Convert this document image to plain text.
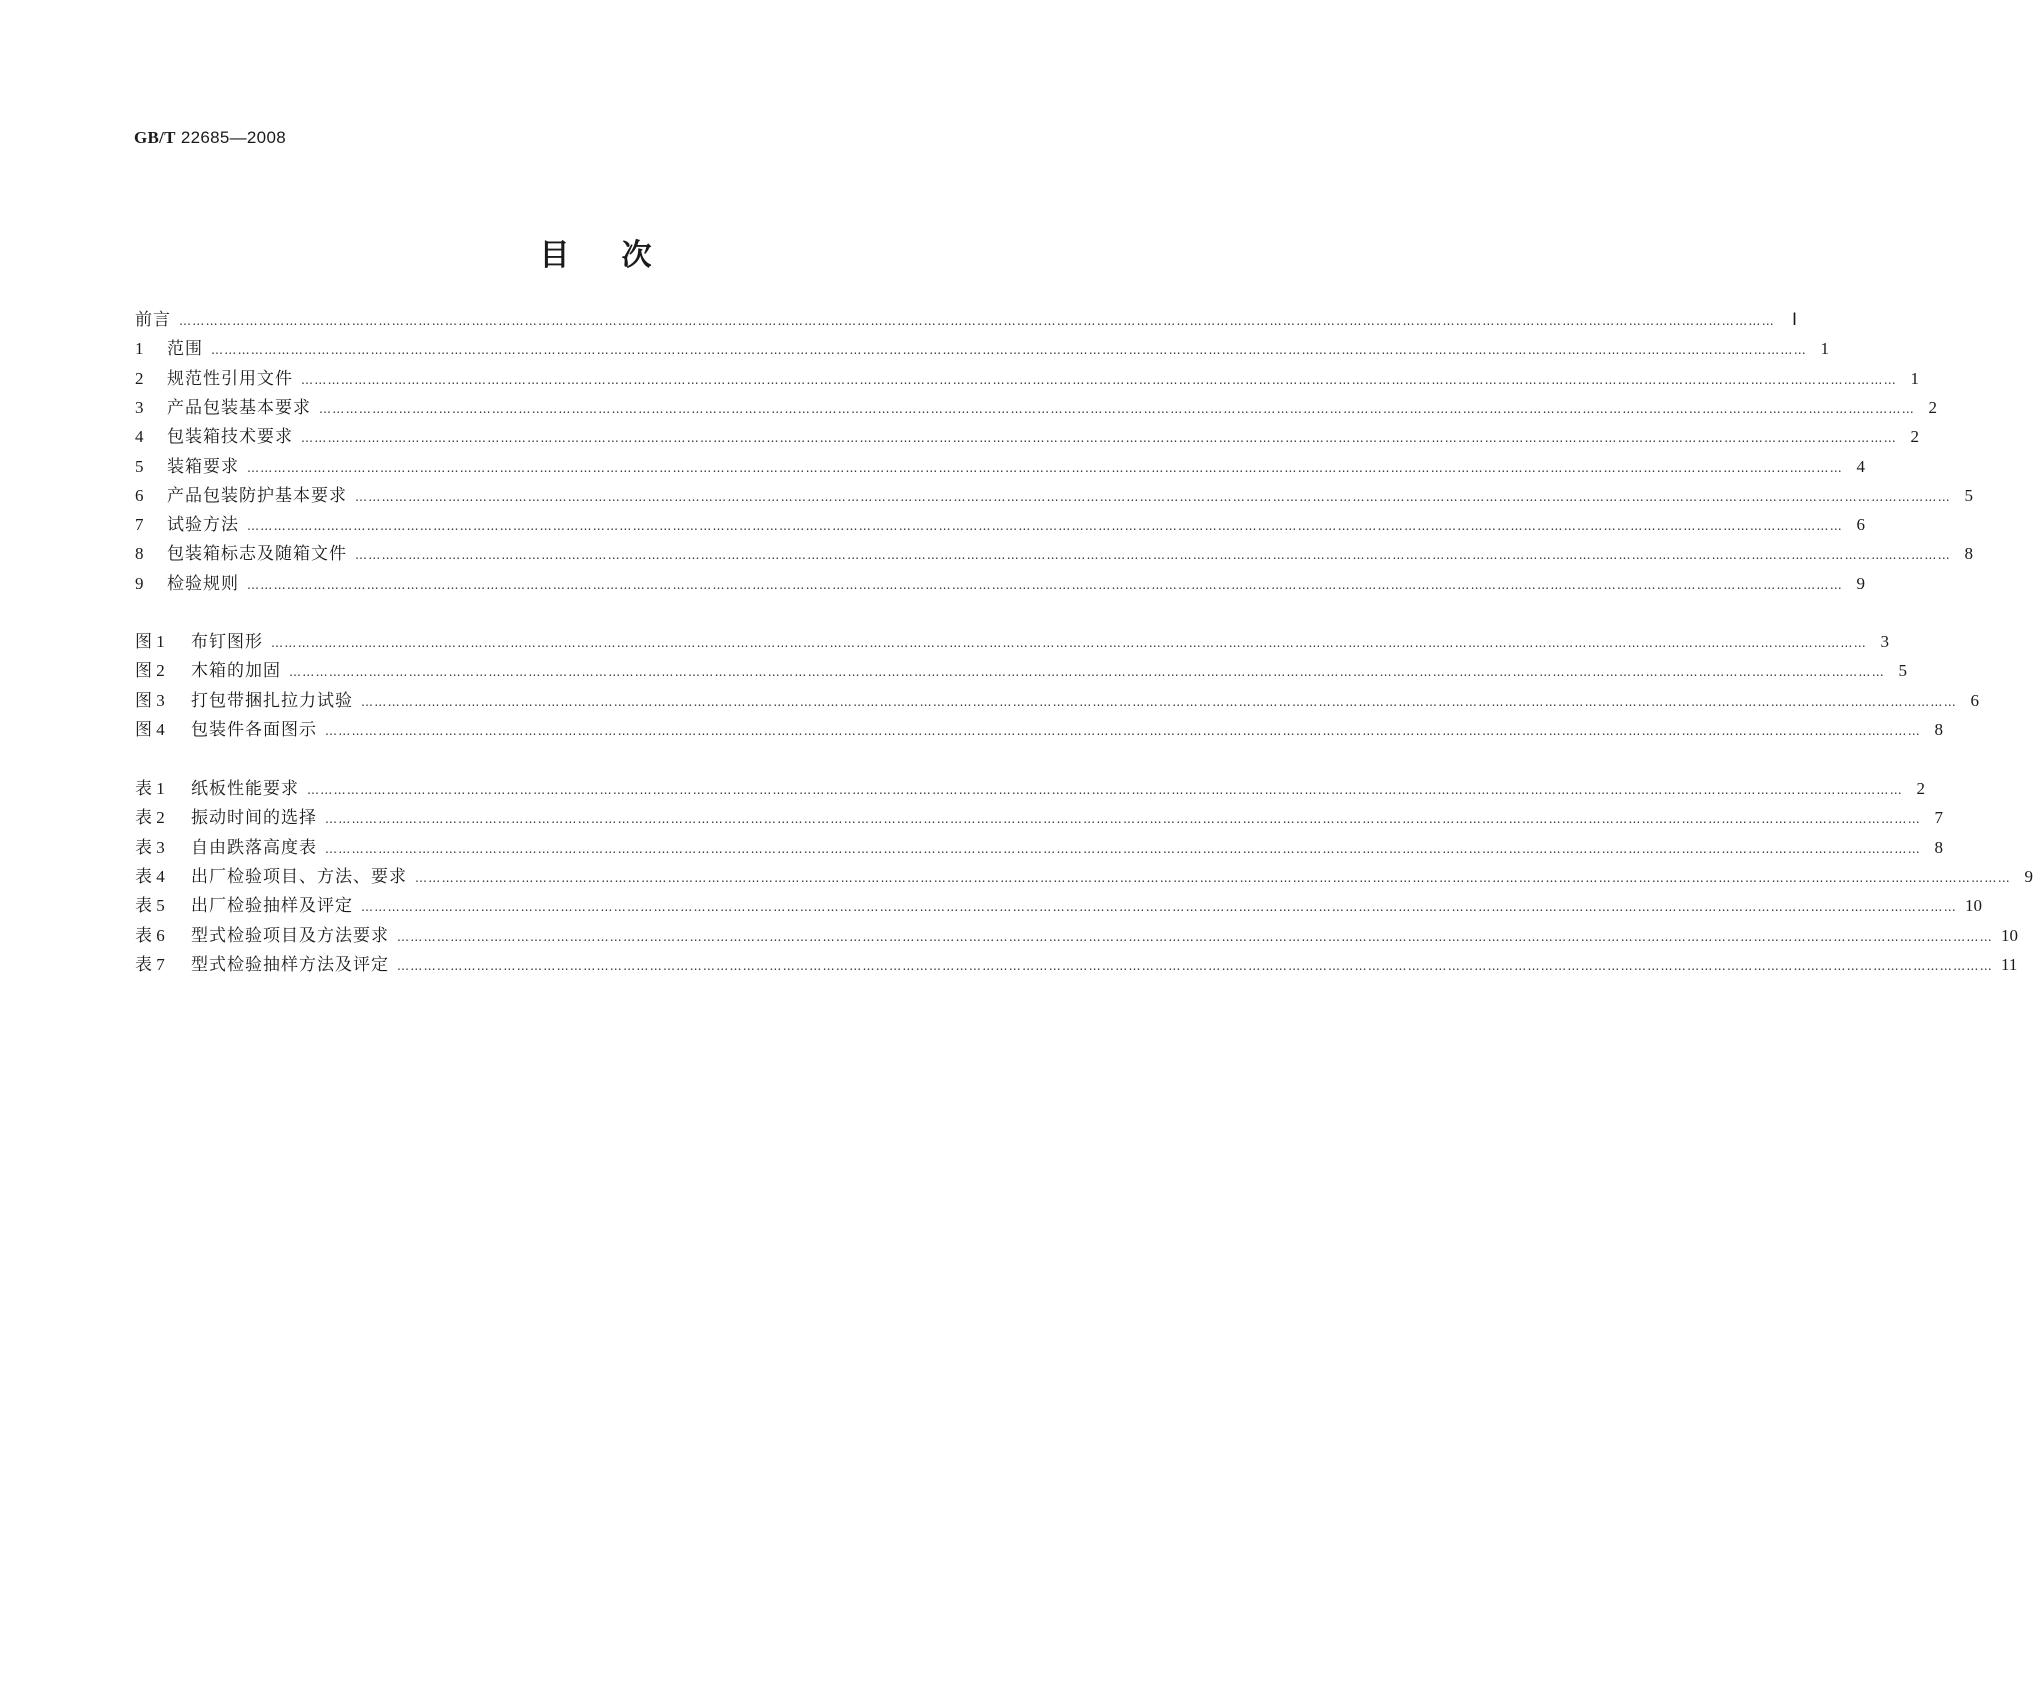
GB/T 22685—2008
目次
前言 ……………………………………………………………………………………………………………………………………………………………………………………………………………………………………………………………………………………………………………………………… Ⅰ
1	范围 ……………………………………………………………………………………………………………………………………………………………………………………………………………………………………………………………………………………………………………………………… 1
2	规范性引用文件 ……………………………………………………………………………………………………………………………………………………………………………………………………………………………………………………………………………………………………………………………… 1
3	产品包装基本要求 ……………………………………………………………………………………………………………………………………………………………………………………………………………………………………………………………………………………………………………………………… 2
4	包装箱技术要求 ……………………………………………………………………………………………………………………………………………………………………………………………………………………………………………………………………………………………………………………………… 2
5	装箱要求 ……………………………………………………………………………………………………………………………………………………………………………………………………………………………………………………………………………………………………………………………… 4
6	产品包装防护基本要求 ……………………………………………………………………………………………………………………………………………………………………………………………………………………………………………………………………………………………………………………………… 5
7	试验方法 ……………………………………………………………………………………………………………………………………………………………………………………………………………………………………………………………………………………………………………………………… 6
8	包装箱标志及随箱文件 ……………………………………………………………………………………………………………………………………………………………………………………………………………………………………………………………………………………………………………………………… 8
9	检验规则 ……………………………………………………………………………………………………………………………………………………………………………………………………………………………………………………………………………………………………………………………… 9
图 1	布钉图形 ……………………………………………………………………………………………………………………………………………………………………………………………………………………………………………………………………………………………………………………………… 3
图 2	木箱的加固 ……………………………………………………………………………………………………………………………………………………………………………………………………………………………………………………………………………………………………………………………… 5
图 3	打包带捆扎拉力试验 ……………………………………………………………………………………………………………………………………………………………………………………………………………………………………………………………………………………………………………………………… 6
图 4	包装件各面图示 ……………………………………………………………………………………………………………………………………………………………………………………………………………………………………………………………………………………………………………………………… 8
表 1	纸板性能要求 ……………………………………………………………………………………………………………………………………………………………………………………………………………………………………………………………………………………………………………………………… 2
表 2	振动时间的选择 ……………………………………………………………………………………………………………………………………………………………………………………………………………………………………………………………………………………………………………………………… 7
表 3	自由跌落高度表 ……………………………………………………………………………………………………………………………………………………………………………………………………………………………………………………………………………………………………………………………… 8
表 4	出厂检验项目、方法、要求 ……………………………………………………………………………………………………………………………………………………………………………………………………………………………………………………………………………………………………………………………… 9
表 5	出厂检验抽样及评定 ……………………………………………………………………………………………………………………………………………………………………………………………………………………………………………………………………………………………………………………………… 10
表 6	型式检验项目及方法要求 ……………………………………………………………………………………………………………………………………………………………………………………………………………………………………………………………………………………………………………………………… 10
表 7	型式检验抽样方法及评定 ……………………………………………………………………………………………………………………………………………………………………………………………………………………………………………………………………………………………………………………………… 11
